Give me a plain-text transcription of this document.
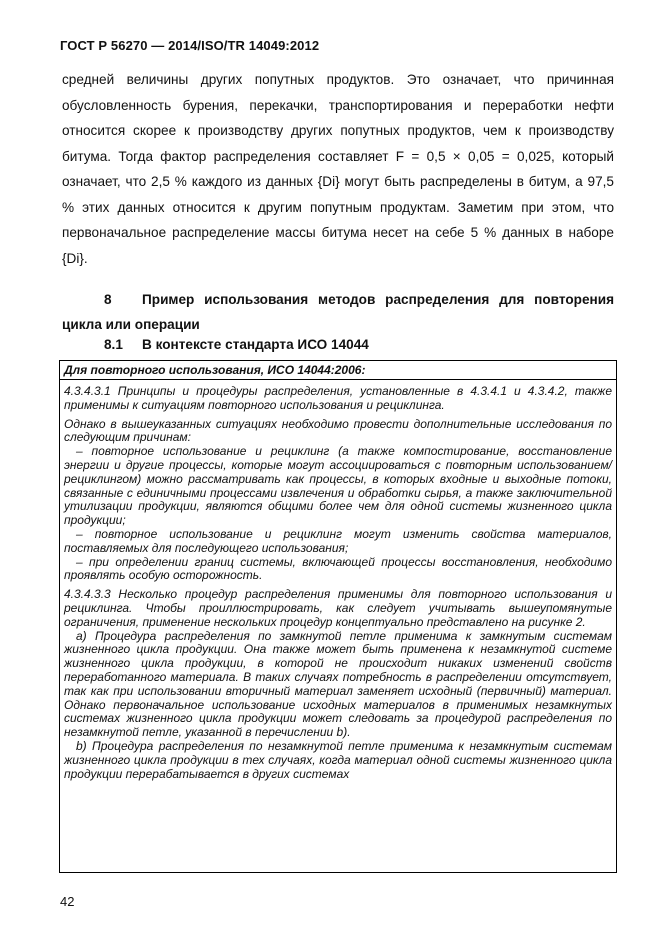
ГОСТ Р 56270 — 2014/ISO/TR 14049:2012

средней величины других попутных продуктов. Это означает, что причинная обусловленность бурения, перекачки, транспортирования и переработки нефти относится скорее к производству других попутных продуктов, чем к производству битума. Тогда фактор распределения составляет F = 0,5 × 0,05 = 0,025, который означает, что 2,5 % каждого из данных {Di} могут быть распределены в битум, а 97,5 % этих данных относится к другим попутным продуктам. Заметим при этом, что первоначальное распределение массы битума несет на себе 5 % данных в наборе {Di}.

8 Пример использования методов распределения для повторения цикла или операции
8.1 В контексте стандарта ИСО 14044
Для повторного использования, ИСО 14044:2006:

4.3.4.3.1 Принципы и процедуры распределения, установленные в 4.3.4.1 и 4.3.4.2, также применимы к ситуациям повторного использования и рециклинга.

Однако в вышеуказанных ситуациях необходимо провести дополнительные исследования по следующим причинам:

– повторное использование и рециклинг (а также компостирование, восстановление энергии и другие процессы, которые могут ассоциироваться с повторным использованием/рециклингом) можно рассматривать как процессы, в которых входные и выходные потоки, связанные с единичными процессами извлечения и обработки сырья, а также заключительной утилизации продукции, являются общими более чем для одной системы жизненного цикла продукции;

– повторное использование и рециклинг могут изменить свойства материалов, поставляемых для последующего использования;

– при определении границ системы, включающей процессы восстановления, необходимо проявлять особую осторожность.

4.3.4.3.3 Несколько процедур распределения применимы для повторного использования и рециклинга. Чтобы проиллюстрировать, как следует учитывать вышеупомянутые ограничения, применение нескольких процедур концептуально представлено на рисунке 2.

а) Процедура распределения по замкнутой петле применима к замкнутым системам жизненного цикла продукции. Она также может быть применена к незамкнутой системе жизненного цикла продукции, в которой не происходит никаких изменений свойств переработанного материала. В таких случаях потребность в распределении отсутствует, так как при использовании вторичный материал заменяет исходный (первичный) материал. Однако первоначальное использование исходных материалов в применимых незамкнутых системах жизненного цикла продукции может следовать за процедурой распределения по незамкнутой петле, указанной в перечислении b).

b) Процедура распределения по незамкнутой петле применима к незамкнутым системам жизненного цикла продукции в тех случаях, когда материал одной системы жизненного цикла продукции перерабатывается в других системах

42
